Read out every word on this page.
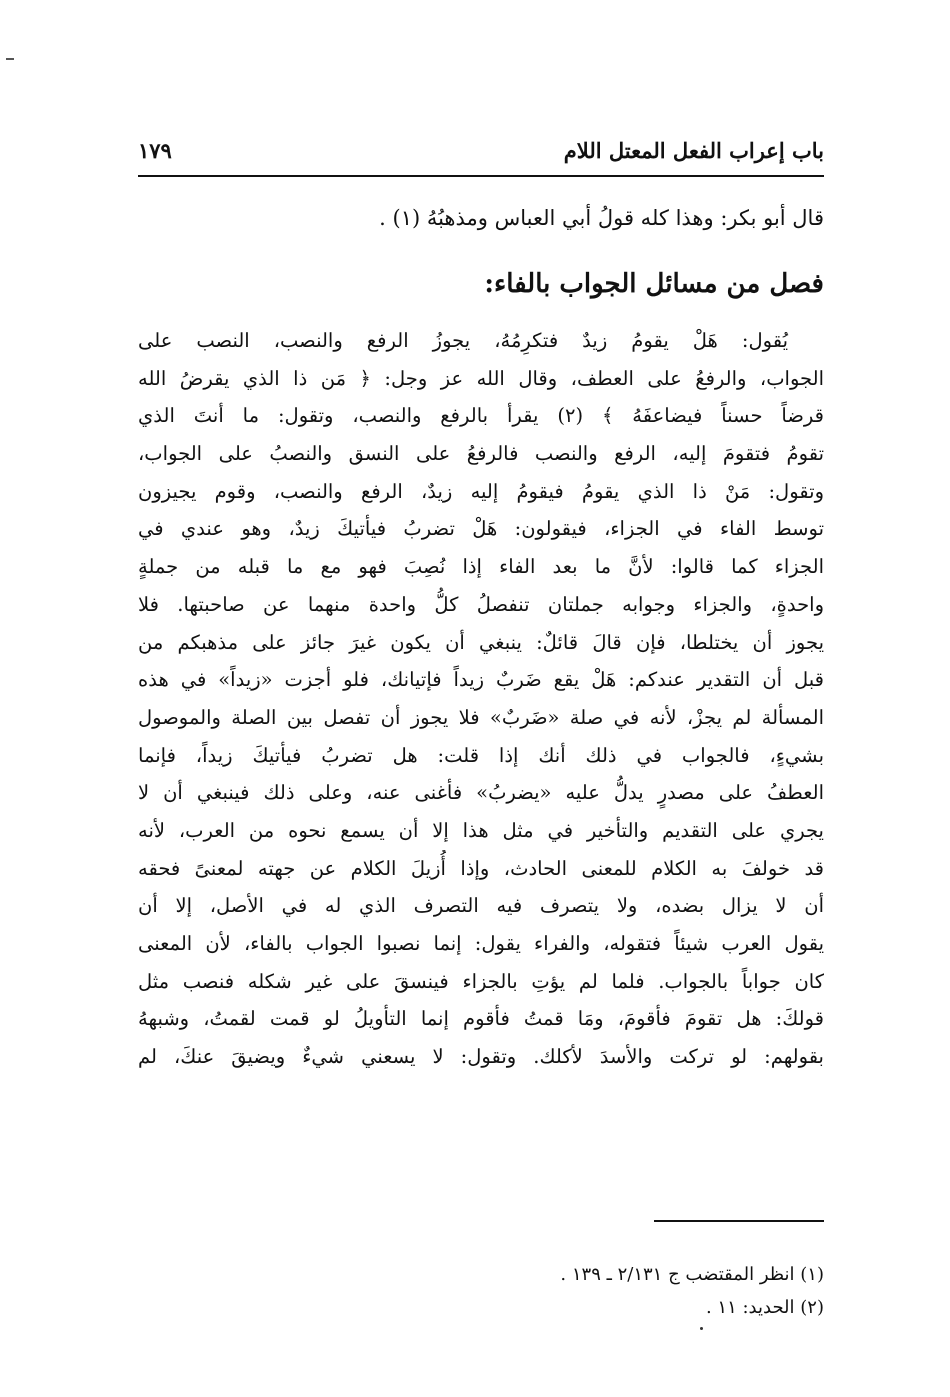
باب إعراب الفعل المعتل اللام
١٧٩
قال أبو بكر: وهذا كله قولُ أبي العباس ومذهبُهُ (١) .
فصل من مسائل الجواب بالفاء:
يُقول: هَلْ يقومُ زيدٌ فتكرِمُهُ، يجوزُ الرفع والنصب، النصب على
الجواب، والرفعُ على العطف، وقال الله عز وجل: ﴿ مَن ذا الذي يقرضُ الله
قرضاً حسناً فيضاعفَهُ ﴾ (٢) يقرأ بالرفع والنصب، وتقول: ما أنتَ الذي
تقومُ فتقومَ إليه، الرفع والنصب فالرفعُ على النسق والنصبُ على الجواب،
وتقول: مَنْ ذا الذي يقومُ فيقومُ إليه زيدٌ، الرفع والنصب، وقوم يجيزون
توسط الفاء في الجزاء، فيقولون: هَلْ تضربُ فيأتيكَ زيدٌ، وهو عندي في
الجزاء كما قالوا: لأنَّ ما بعد الفاء إذا نُصِبَ فهو مع ما قبله من جملةٍ
واحدةٍ، والجزاء وجوابه جملتان تنفصلُ كلُّ واحدة منهما عن صاحبتها. فلا
يجوز أن يختلطا، فإن قالَ قائلٌ: ينبغي أن يكون غيرَ جائز على مذهبكم من
قبل أن التقدير عندكم: هَلْ يقع ضَربٌ زيداً فإتيانك، فلو أجزت «زيداً» في هذه
المسألة لم يجزْ، لأنه في صلة «ضَربٌ» فلا يجوز أن تفصل بين الصلة والموصول
بشيءٍ، فالجواب في ذلك أنك إذا قلت: هل تضربُ فيأتيكَ زيداً، فإنما
العطفُ على مصدرٍ يدلُّ عليه «يضربُ» فأغنى عنه، وعلى ذلك فينبغي أن لا
يجري على التقديم والتأخير في مثل هذا إلا أن يسمع نحوه من العرب، لأنه
قد خولفَ به الكلام للمعنى الحادث، وإذا أُزيلَ الكلام عن جهته لمعنىً فحقه
أن لا يزال بضده، ولا يتصرف فيه التصرف الذي له في الأصل، إلا أن
يقول العرب شيئاً فتقوله، والفراء يقول: إنما نصبوا الجواب بالفاء، لأن المعنى
كان جواباً بالجواب. فلما لم يؤتِ بالجزاء فينسقَ على غير شكله فنصب مثل
قولكَ: هل تقومَ فأقومَ، ومَا قمتُ فأقوم إنما التأويلُ لو قمت لقمتُ، وشبههُ
بقولهم: لو تركت والأسدَ لأكلك. وتقول: لا يسعني شيءٌ ويضيقَ عنكَ، لم
(١) انظر المقتضب ج ٢/١٣١ ـ ١٣٩ .
(٢) الحديد: ١١ .
